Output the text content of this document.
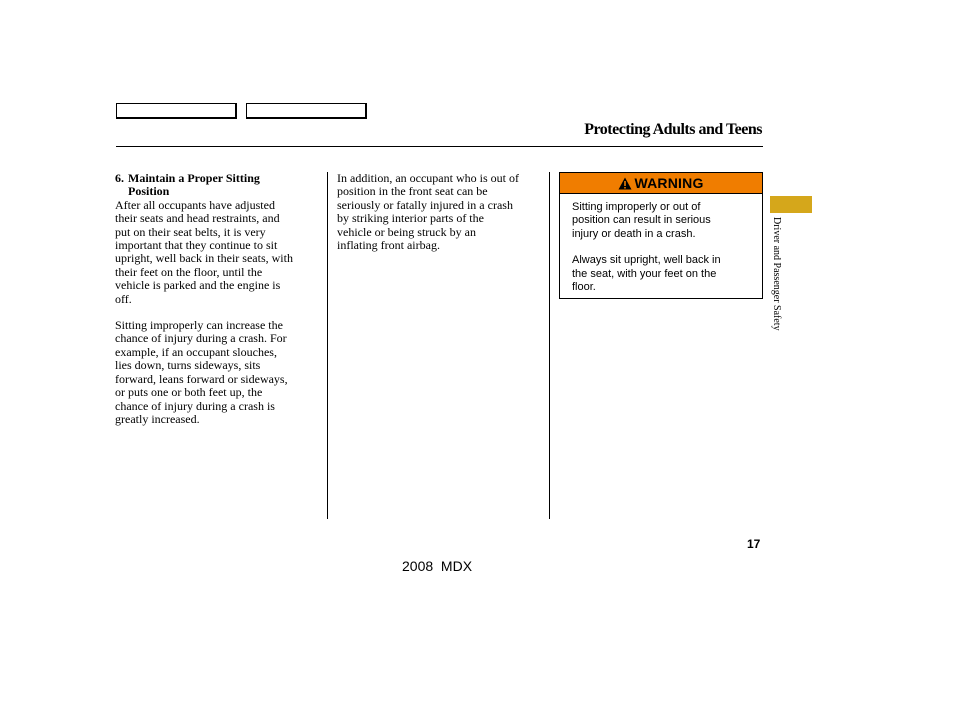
Protecting Adults and Teens
6. Maintain a Proper Sitting
Position

After all occupants have adjusted
their seats and head restraints, and
put on their seat belts, it is very
important that they continue to sit
upright, well back in their seats, with
their feet on the floor, until the
vehicle is parked and the engine is
off.

Sitting improperly can increase the
chance of injury during a crash. For
example, if an occupant slouches,
lies down, turns sideways, sits
forward, leans forward or sideways,
or puts one or both feet up, the
chance of injury during a crash is
greatly increased.

In addition, an occupant who is out of
position in the front seat can be
seriously or fatally injured in a crash
by striking interior parts of the
vehicle or being struck by an
inflating front airbag.

WARNING
Sitting improperly or out of
position can result in serious
injury or death in a crash.
Always sit upright, well back in
the seat, with your feet on the
floor.	Driver and Passenger Safety
17
2008  MDX
